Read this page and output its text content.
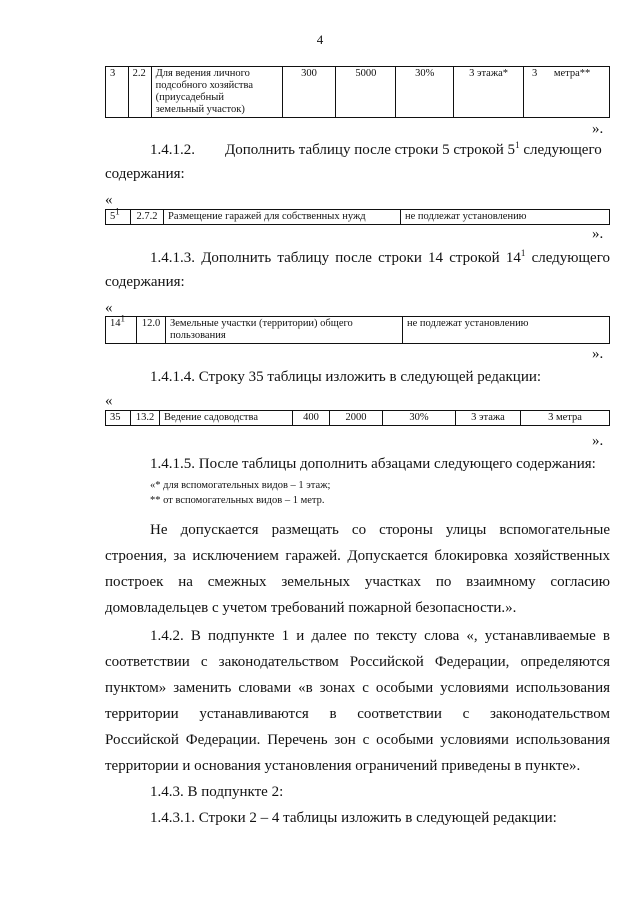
4
3	2.2	Для ведения личного
подсобного хозяйства
(приусадебный
земельный участок)
	300	5000	30%	3 этажа*	3 метра**
».
1.4.1.2. Дополнить таблицу после строки 5 строкой $5^1$ следующего
содержания:
«
$5^1$	2.7.2	Размещение гаражей для собственных нужд	не подлежат установлению
».
1.4.1.3. Дополнить таблицу после строки 14 строкой $14^1$ следующего
содержания:
«
$14^1$	12.0	Земельные участки (территории) общего
пользования
	не подлежат установлению
».
1.4.1.4. Строку 35 таблицы изложить в следующей редакции:
«
35	13.2	Ведение садоводства	400	2000	30%	3 этажа	3 метра
».
1.4.1.5. После таблицы дополнить абзацами следующего содержания:
«* для вспомогательных видов – 1 этаж;
** от вспомогательных видов – 1 метр.
Не допускается размещать со стороны улицы вспомогательные
строения, за исключением гаражей. Допускается блокировка хозяйственных
построек на смежных земельных участках по взаимному согласию
домовладельцев с учетом требований пожарной безопасности.».
1.4.2. В подпункте 1 и далее по тексту слова «, устанавливаемые в
соответствии с законодательством Российской Федерации, определяются
пунктом» заменить словами «в зонах с особыми условиями использования
территории устанавливаются в соответствии с законодательством
Российской Федерации. Перечень зон с особыми условиями использования
территории и основания установления ограничений приведены в пункте».
1.4.3. В подпункте 2:
1.4.3.1. Строки 2 – 4 таблицы изложить в следующей редакции:
